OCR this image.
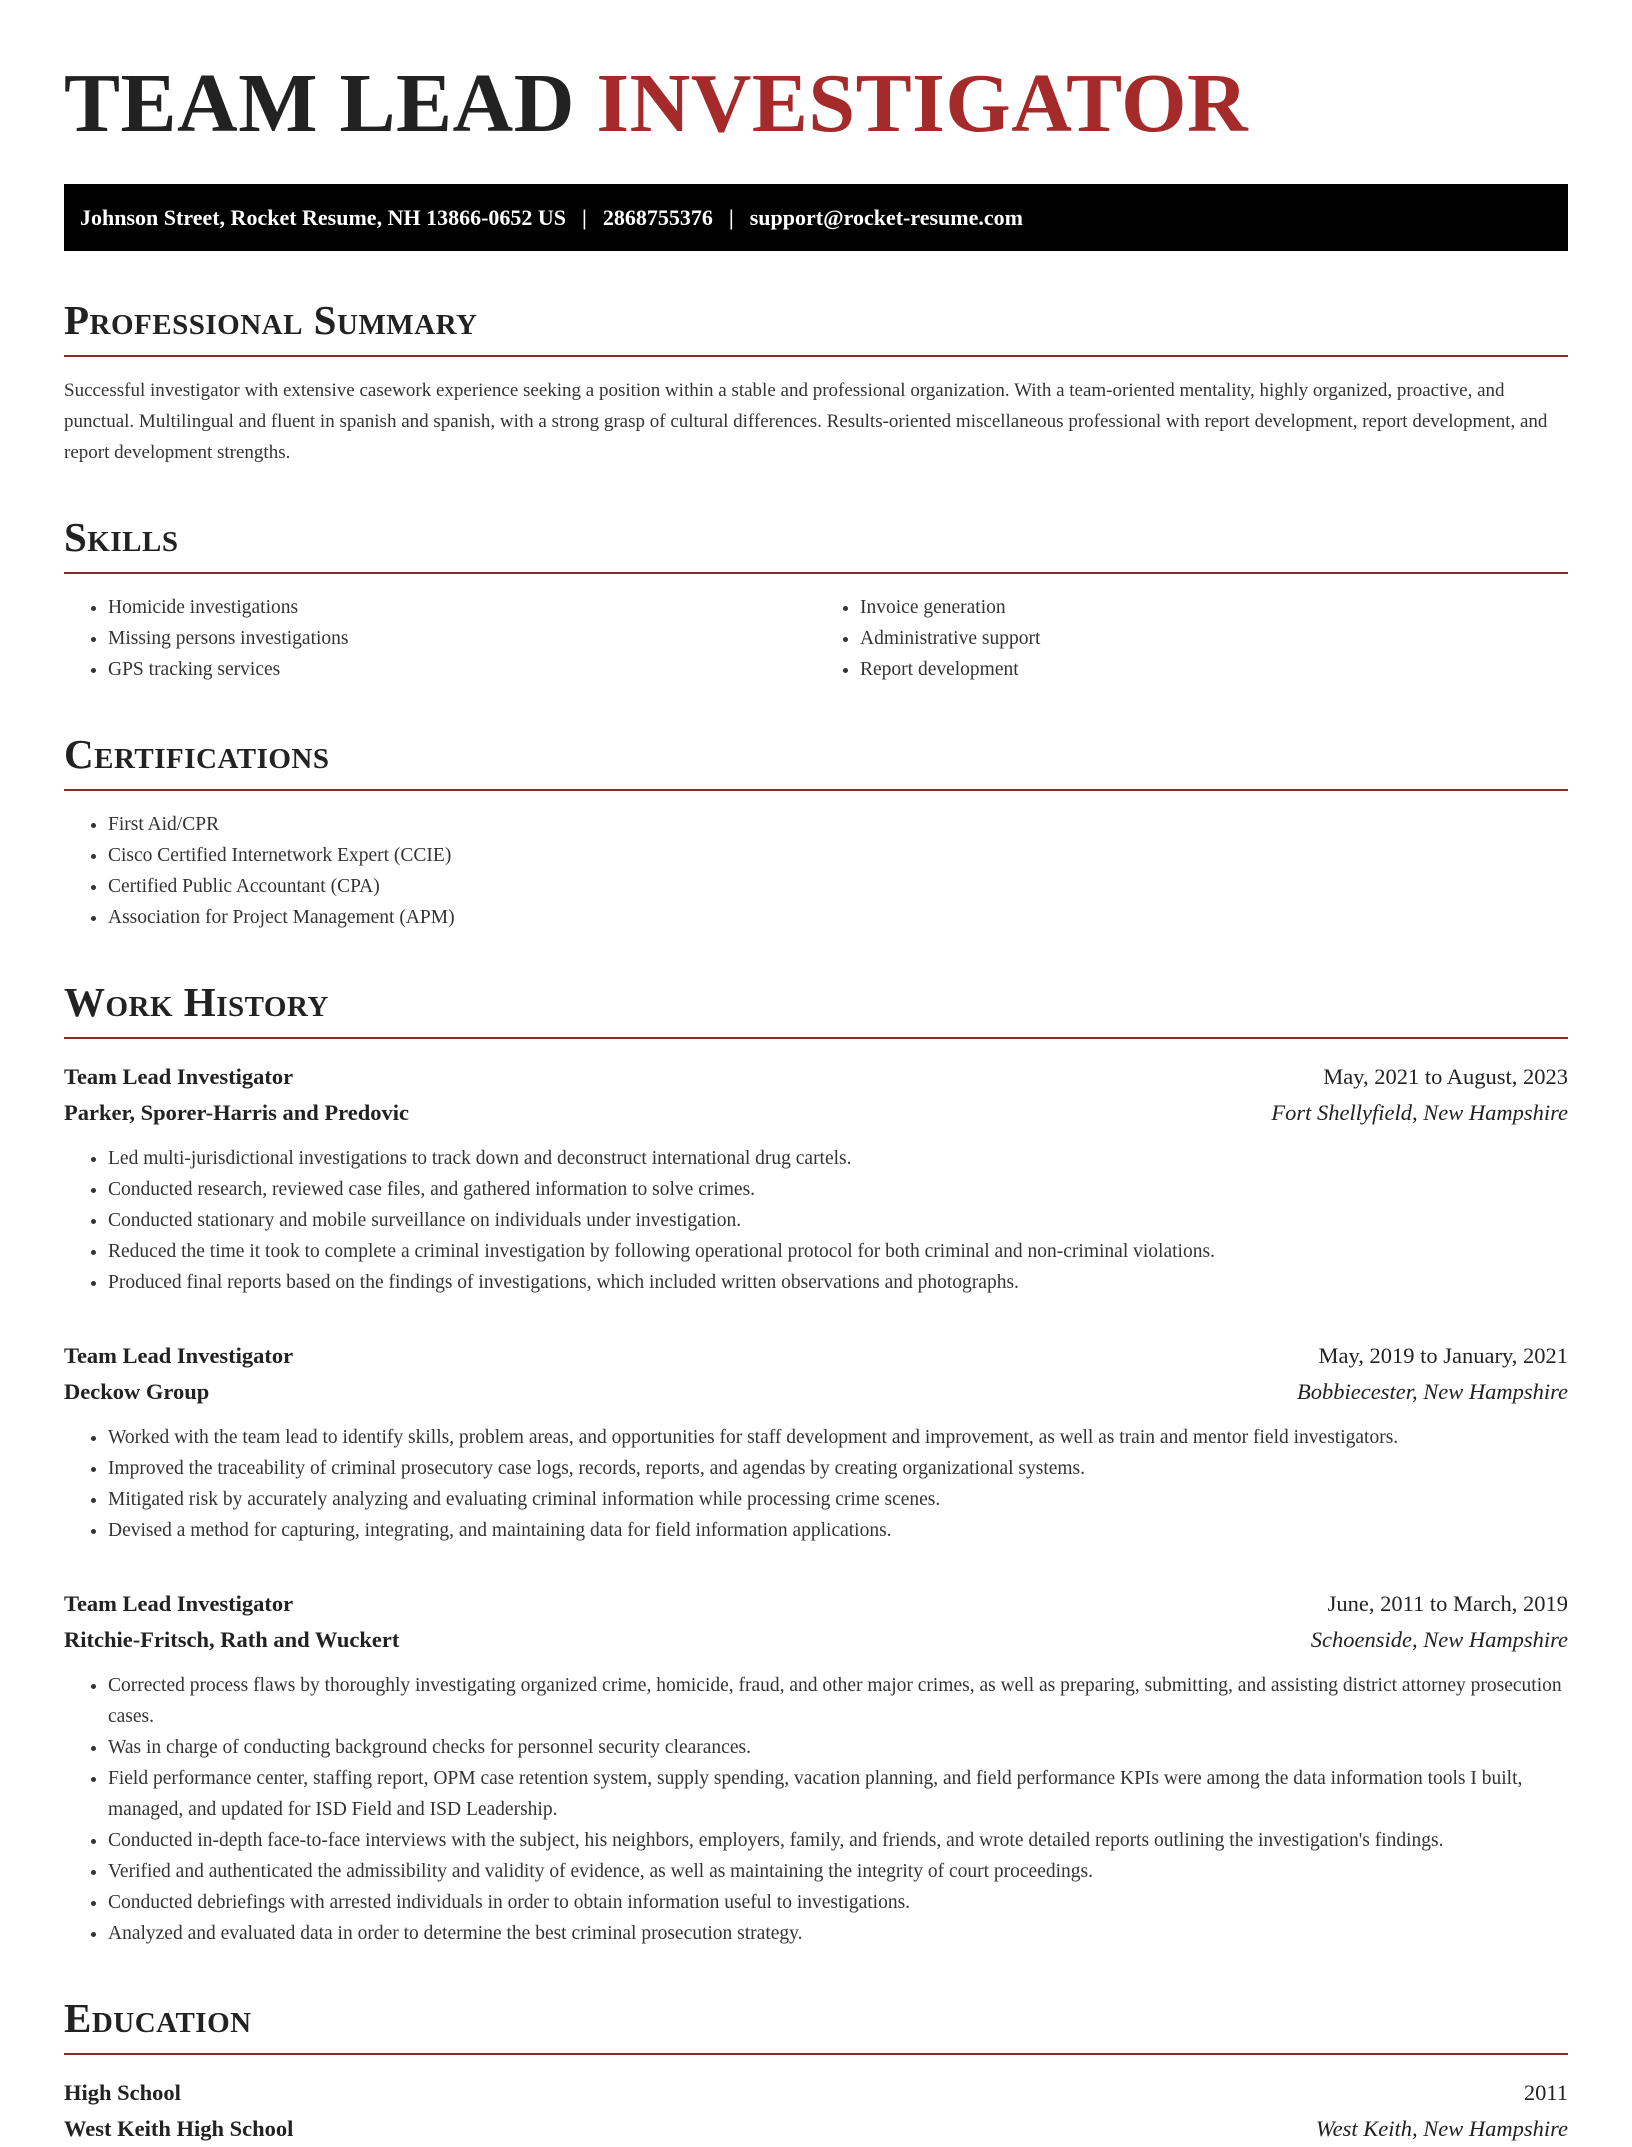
TEAM LEAD INVESTIGATOR
Johnson Street, Rocket Resume, NH 13866-0652 US | 2868755376 | support@rocket-resume.com
Professional Summary

Successful investigator with extensive casework experience seeking a position within a stable and professional organization. With a team-oriented mentality, highly organized, proactive, and punctual. Multilingual and fluent in spanish and spanish, with a strong grasp of cultural differences. Results-oriented miscellaneous professional with report development, report development, and report development strengths.

Skills
• Homicide investigations
• Missing persons investigations
• GPS tracking services
• Invoice generation
• Administrative support
• Report development
Certifications
• First Aid/CPR
• Cisco Certified Internetwork Expert (CCIE)
• Certified Public Accountant (CPA)
• Association for Project Management (APM)
Work History
Team Lead Investigator	May, 2021 to August, 2023
Parker, Sporer-Harris and Predovic	Fort Shellyfield, New Hampshire
• Led multi-jurisdictional investigations to track down and deconstruct international drug cartels.
• Conducted research, reviewed case files, and gathered information to solve crimes.
• Conducted stationary and mobile surveillance on individuals under investigation.
• Reduced the time it took to complete a criminal investigation by following operational protocol for both criminal and non-criminal violations.
• Produced final reports based on the findings of investigations, which included written observations and photographs.
Team Lead Investigator	May, 2019 to January, 2021
Deckow Group	Bobbiecester, New Hampshire
• Worked with the team lead to identify skills, problem areas, and opportunities for staff development and improvement, as well as train and mentor field investigators.
• Improved the traceability of criminal prosecutory case logs, records, reports, and agendas by creating organizational systems.
• Mitigated risk by accurately analyzing and evaluating criminal information while processing crime scenes.
• Devised a method for capturing, integrating, and maintaining data for field information applications.
Team Lead Investigator	June, 2011 to March, 2019
Ritchie-Fritsch, Rath and Wuckert	Schoenside, New Hampshire
• Corrected process flaws by thoroughly investigating organized crime, homicide, fraud, and other major crimes, as well as preparing, submitting, and assisting district attorney prosecution cases.
• Was in charge of conducting background checks for personnel security clearances.
• Field performance center, staffing report, OPM case retention system, supply spending, vacation planning, and field performance KPIs were among the data information tools I built, managed, and updated for ISD Field and ISD Leadership.
• Conducted in-depth face-to-face interviews with the subject, his neighbors, employers, family, and friends, and wrote detailed reports outlining the investigation's findings.
• Verified and authenticated the admissibility and validity of evidence, as well as maintaining the integrity of court proceedings.
• Conducted debriefings with arrested individuals in order to obtain information useful to investigations.
• Analyzed and evaluated data in order to determine the best criminal prosecution strategy.
Education
High School	2011
West Keith High School	West Keith, New Hampshire
